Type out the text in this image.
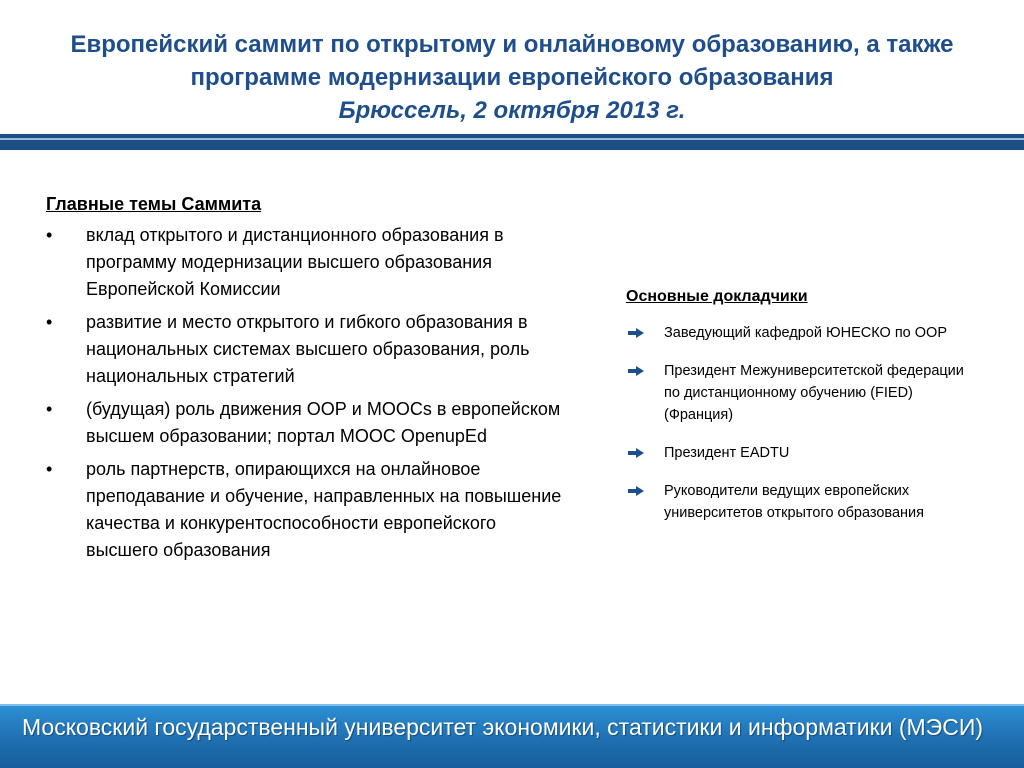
Европейский саммит по открытому и онлайновому образованию, а также

программе модернизации европейского образования

Брюссель, 2 октября 2013 г.

Главные темы Саммита

• вклад открытого и дистанционного образования в программу модернизации высшего образования Европейской Комиссии
• развитие и место открытого и гибкого образования в национальных системах высшего образования, роль национальных стратегий
• (будущая) роль движения ООР и MOOCs в европейском высшем образовании; портал MOOC OpenupEd
• роль партнерств, опирающихся на онлайновое преподавание и обучение, направленных на повышение качества и конкурентоспособности европейского высшего образования

Основные докладчики

Заведующий кафедрой ЮНЕСКО по ООР
Президент Межуниверситетской федерации по дистанционному обучению (FIED) (Франция)
Президент EADTU
Руководители ведущих европейских университетов открытого образования
Московский государственный университет экономики, статистики и информатики (МЭСИ)
